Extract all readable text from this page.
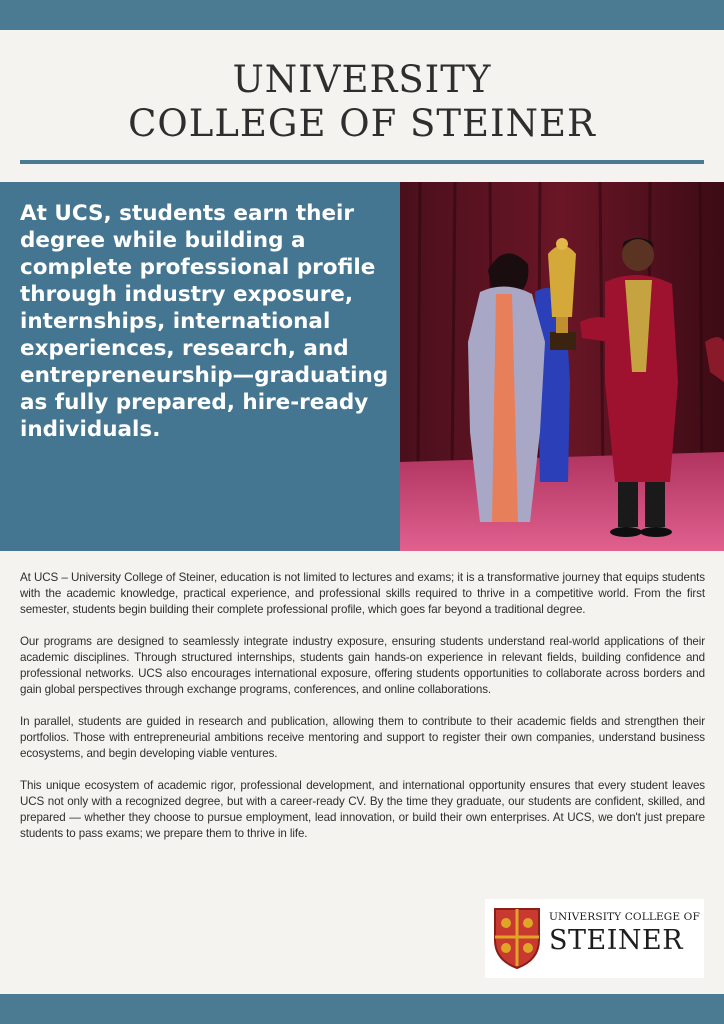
UNIVERSITY
COLLEGE OF STEINER

At UCS, students earn their degree while building a complete professional profile through industry exposure, internships, international experiences, research, and entrepreneurship—graduating as fully prepared, hire-ready individuals.

At UCS – University College of Steiner, education is not limited to lectures and exams; it is a transformative journey that equips students with the academic knowledge, practical experience, and professional skills required to thrive in a competitive world. From the first semester, students begin building their complete professional profile, which goes far beyond a traditional degree.

Our programs are designed to seamlessly integrate industry exposure, ensuring students understand real-world applications of their academic disciplines. Through structured internships, students gain hands-on experience in relevant fields, building confidence and professional networks. UCS also encourages international exposure, offering students opportunities to collaborate across borders and gain global perspectives through exchange programs, conferences, and online collaborations.

In parallel, students are guided in research and publication, allowing them to contribute to their academic fields and strengthen their portfolios. Those with entrepreneurial ambitions receive mentoring and support to register their own companies, understand business ecosystems, and begin developing viable ventures.

This unique ecosystem of academic rigor, professional development, and international opportunity ensures that every student leaves UCS not only with a recognized degree, but with a career-ready CV. By the time they graduate, our students are confident, skilled, and prepared — whether they choose to pursue employment, lead innovation, or build their own enterprises. At UCS, we don't just prepare students to pass exams; we prepare them to thrive in life.

UNIVERSITY COLLEGE OF
STEINER
